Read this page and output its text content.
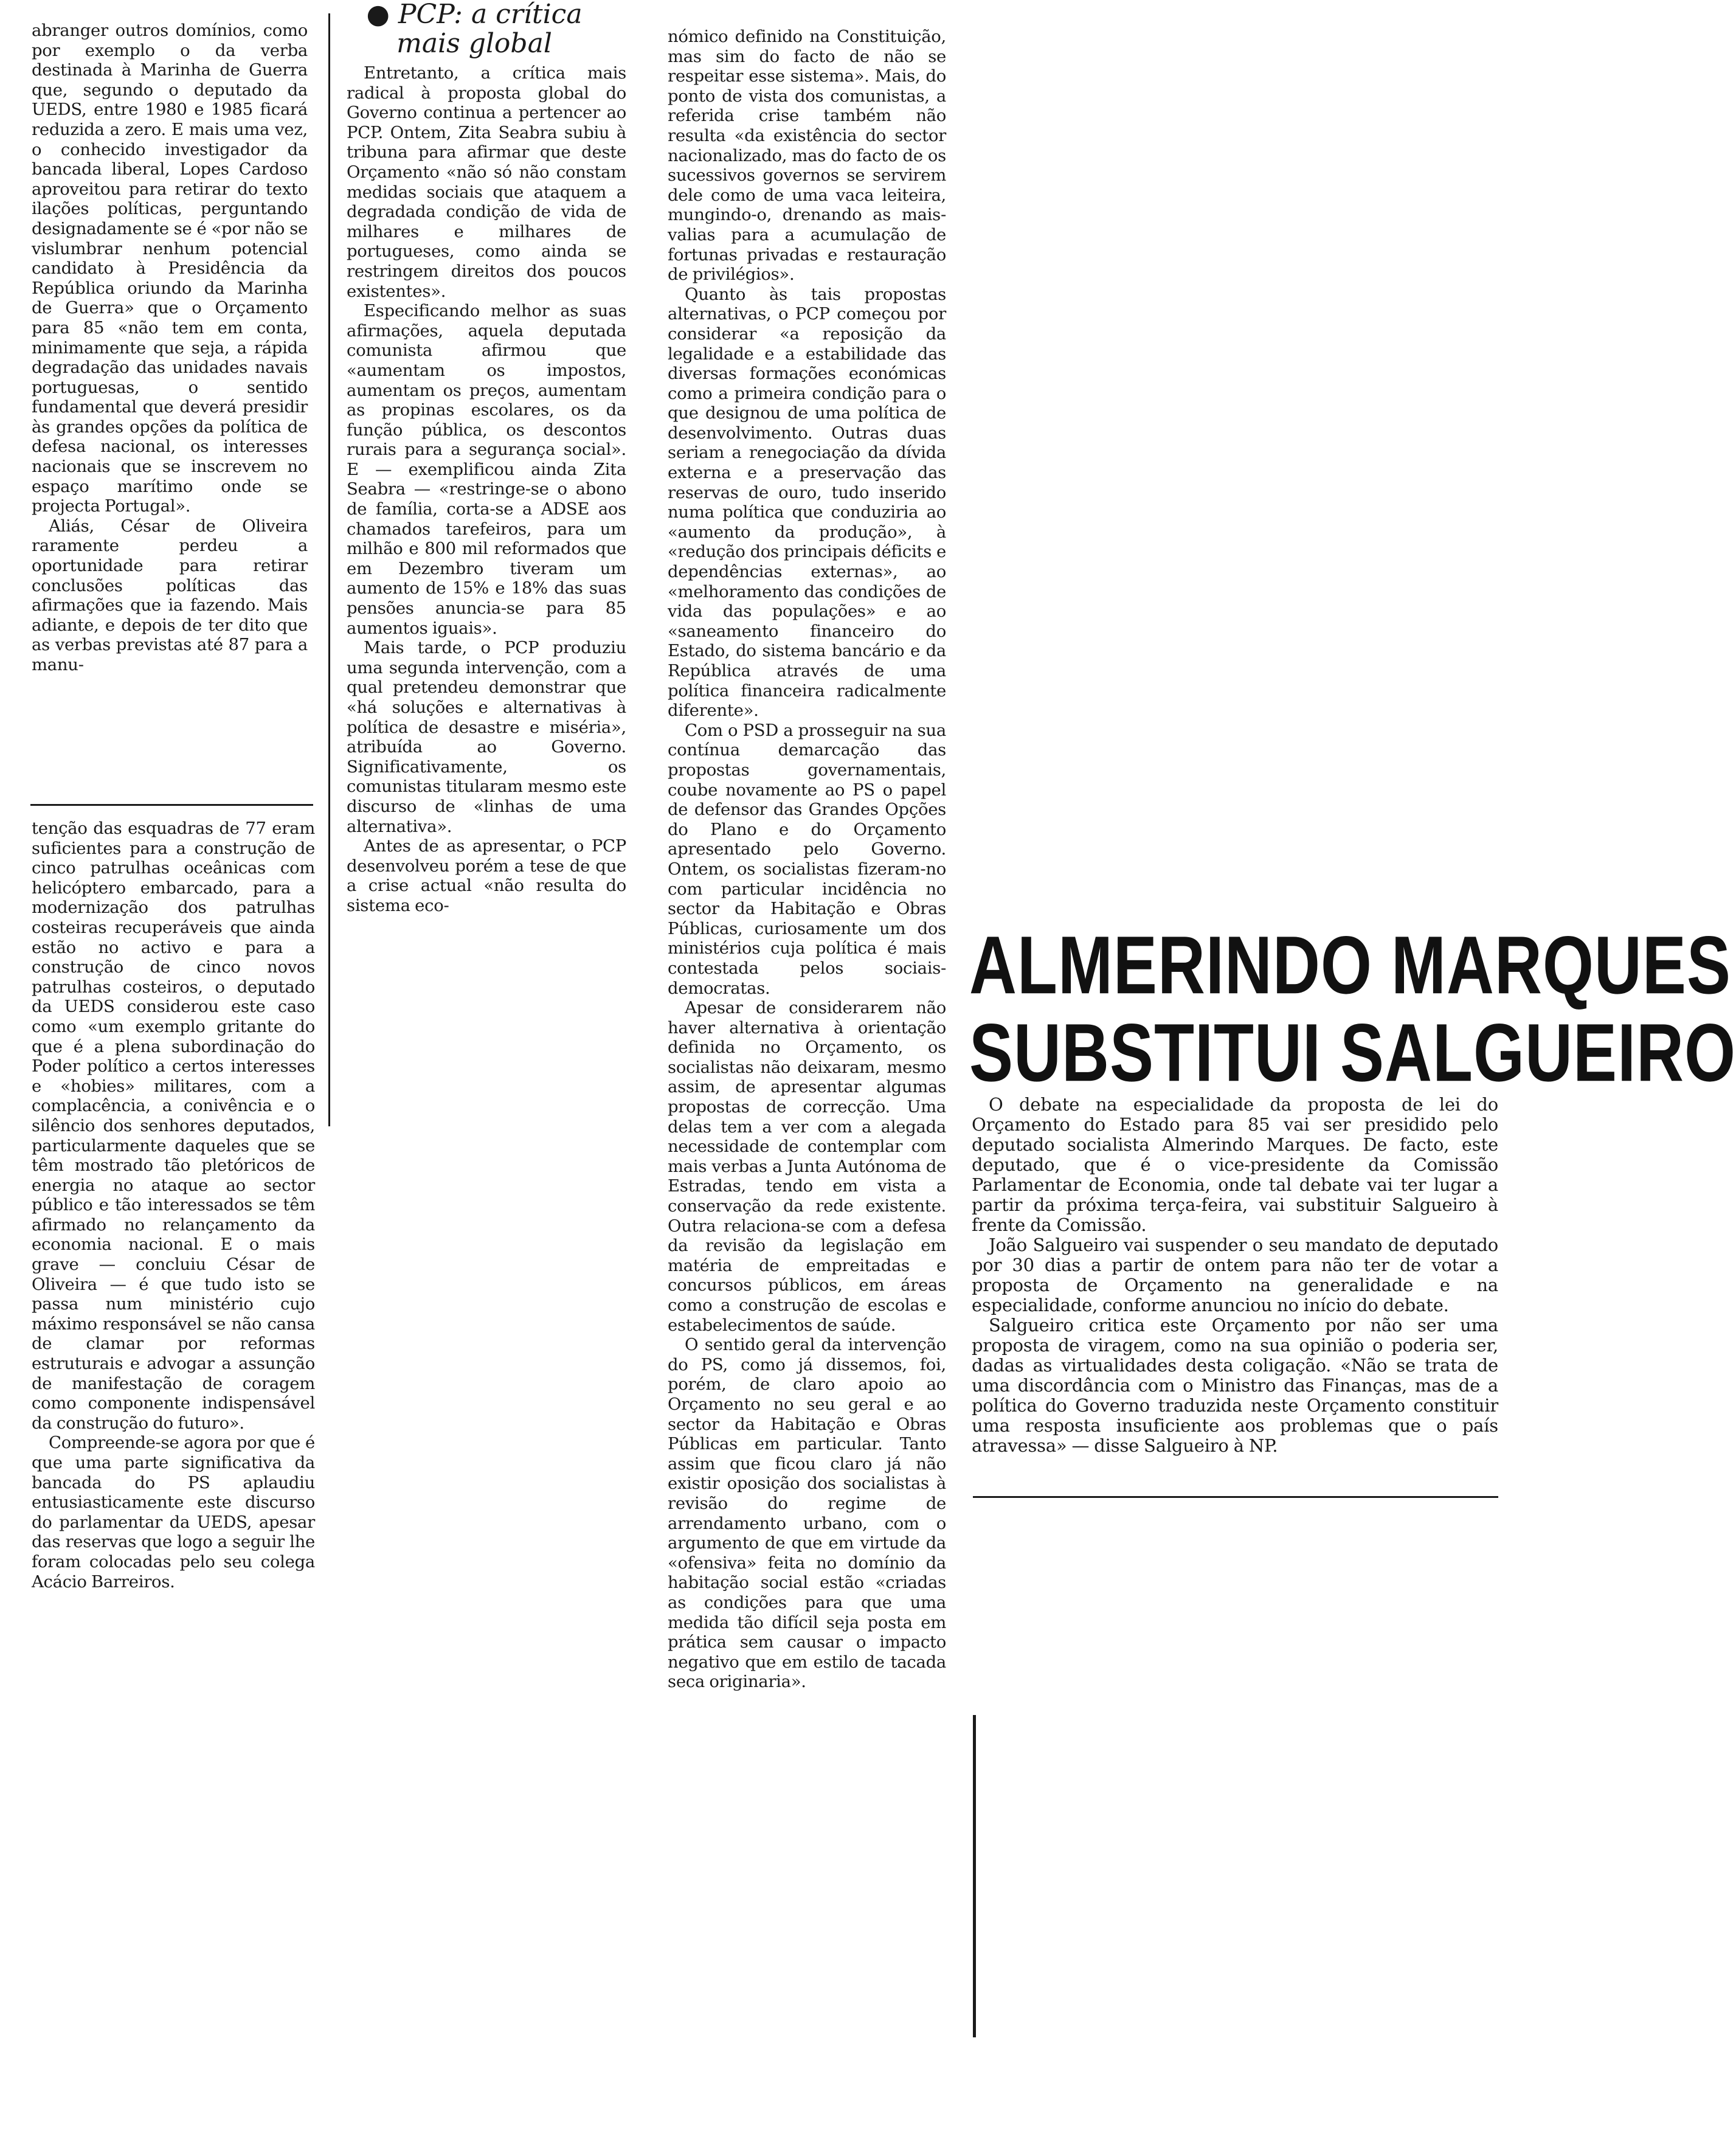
abranger outros domínios, como por exemplo o da verba destinada à Marinha de Guerra que, segundo o deputado da UEDS, entre 1980 e 1985 ficará reduzida a zero. E mais uma vez, o conhecido investigador da bancada liberal, Lopes Cardoso aproveitou para retirar do texto ilações políticas, perguntando designadamente se é «por não se vislumbrar nenhum potencial candidato à Presidência da República oriundo da Marinha de Guerra» que o Orçamento para 85 «não tem em conta, minimamente que seja, a rápida degradação das unidades navais portuguesas, o sentido fundamental que deverá presidir às grandes opções da política de defesa nacional, os interesses nacionais que se inscrevem no espaço marítimo onde se projecta Portugal».

Aliás, César de Oliveira raramente perdeu a oportunidade para retirar conclusões políticas das afirmações que ia fazendo. Mais adiante, e depois de ter dito que as verbas previstas até 87 para a manu-

tenção das esquadras de 77 eram suficientes para a construção de cinco patrulhas oceânicas com helicóptero embarcado, para a modernização dos patrulhas costeiras recuperáveis que ainda estão no activo e para a construção de cinco novos patrulhas costeiros, o deputado da UEDS considerou este caso como «um exemplo gritante do que é a plena subordinação do Poder político a certos interesses e «hobies» militares, com a complacência, a conivência e o silêncio dos senhores deputados, particularmente daqueles que se têm mostrado tão pletóricos de energia no ataque ao sector público e tão interessados se têm afirmado no relançamento da economia nacional. E o mais grave — concluiu César de Oliveira — é que tudo isto se passa num ministério cujo máximo responsável se não cansa de clamar por reformas estruturais e advogar a assunção de manifestação de coragem como componente indispensável da construção do futuro».

Compreende-se agora por que é que uma parte significativa da bancada do PS aplaudiu entusiasticamente este discurso do parlamentar da UEDS, apesar das reservas que logo a seguir lhe foram colocadas pelo seu colega Acácio Barreiros.

● PCP: a crítica mais global

Entretanto, a crítica mais radical à proposta global do Governo continua a pertencer ao PCP. Ontem, Zita Seabra subiu à tribuna para afirmar que deste Orçamento «não só não constam medidas sociais que ataquem a degradada condição de vida de milhares e milhares de portugueses, como ainda se restringem direitos dos poucos existentes».

Especificando melhor as suas afirmações, aquela deputada comunista afirmou que «aumentam os impostos, aumentam os preços, aumentam as propinas escolares, os da função pública, os descontos rurais para a segurança social». E — exemplificou ainda Zita Seabra — «restringe-se o abono de família, corta-se a ADSE aos chamados tarefeiros, para um milhão e 800 mil reformados que em Dezembro tiveram um aumento de 15% e 18% das suas pensões anuncia-se para 85 aumentos iguais».

Mais tarde, o PCP produziu uma segunda intervenção, com a qual pretendeu demonstrar que «há soluções e alternativas à política de desastre e miséria», atribuída ao Governo. Significativamente, os comunistas titularam mesmo este discurso de «linhas de uma alternativa».

Antes de as apresentar, o PCP desenvolveu porém a tese de que a crise actual «não resulta do sistema eco-

nómico definido na Constituição, mas sim do facto de não se respeitar esse sistema». Mais, do ponto de vista dos comunistas, a referida crise também não resulta «da existência do sector nacionalizado, mas do facto de os sucessivos governos se servirem dele como de uma vaca leiteira, mungindo-o, drenando as mais-valias para a acumulação de fortunas privadas e restauração de privilégios».

Quanto às tais propostas alternativas, o PCP começou por considerar «a reposição da legalidade e a estabilidade das diversas formações económicas como a primeira condição para o que designou de uma política de desenvolvimento. Outras duas seriam a renegociação da dívida externa e a preservação das reservas de ouro, tudo inserido numa política que conduziria ao «aumento da produção», à «redução dos principais déficits e dependências externas», ao «melhoramento das condições de vida das populações» e ao «saneamento financeiro do Estado, do sistema bancário e da República através de uma política financeira radicalmente diferente».

Com o PSD a prosseguir na sua contínua demarcação das propostas governamentais, coube novamente ao PS o papel de defensor das Grandes Opções do Plano e do Orçamento apresentado pelo Governo. Ontem, os socialistas fizeram-no com particular incidência no sector da Habitação e Obras Públicas, curiosamente um dos ministérios cuja política é mais contestada pelos sociais-democratas.

Apesar de considerarem não haver alternativa à orientação definida no Orçamento, os socialistas não deixaram, mesmo assim, de apresentar algumas propostas de correcção. Uma delas tem a ver com a alegada necessidade de contemplar com mais verbas a Junta Autónoma de Estradas, tendo em vista a conservação da rede existente. Outra relaciona-se com a defesa da revisão da legislação em matéria de empreitadas e concursos públicos, em áreas como a construção de escolas e estabelecimentos de saúde.

O sentido geral da intervenção do PS, como já dissemos, foi, porém, de claro apoio ao Orçamento no seu geral e ao sector da Habitação e Obras Públicas em particular. Tanto assim que ficou claro já não existir oposição dos socialistas à revisão do regime de arrendamento urbano, com o argumento de que em virtude da «ofensiva» feita no domínio da habitação social estão «criadas as condições para que uma medida tão difícil seja posta em prática sem causar o impacto negativo que em estilo de tacada seca originaria».

ALMERINDO MARQUES
SUBSTITUI SALGUEIRO

O debate na especialidade da proposta de lei do Orçamento do Estado para 85 vai ser presidido pelo deputado socialista Almerindo Marques. De facto, este deputado, que é o vice-presidente da Comissão Parlamentar de Economia, onde tal debate vai ter lugar a partir da próxima terça-feira, vai substituir Salgueiro à frente da Comissão.

João Salgueiro vai suspender o seu mandato de deputado por 30 dias a partir de ontem para não ter de votar a proposta de Orçamento na generalidade e na especialidade, conforme anunciou no início do debate.

Salgueiro critica este Orçamento por não ser uma proposta de viragem, como na sua opinião o poderia ser, dadas as virtualidades desta coligação. «Não se trata de uma discordância com o Ministro das Finanças, mas de a política do Governo traduzida neste Orçamento constituir uma resposta insuficiente aos problemas que o país atravessa» — disse Salgueiro à NP.
